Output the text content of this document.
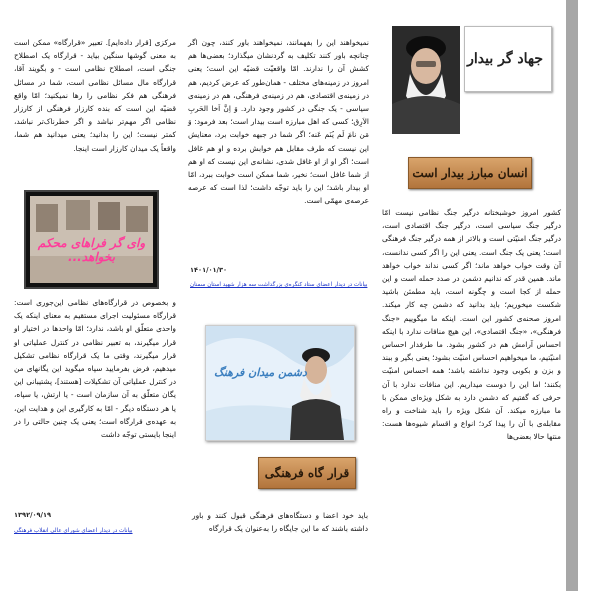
جهاد گر بیدار
انسان مبارز بیدار است

کشور امروز خوشبختانه درگیر جنگ نظامی نیست امّا درگیر جنگ سیاسی است، درگیر جنگ اقتصادی است، درگیر جنگ امنیّتی است و بالاتر از همه درگیر جنگ فرهنگی است؛ یعنی یک جنگ است. یعنی این را اگر کسی ندانست، آن وقت خواب خواهد ماند؛ اگر کسی نداند خواب خواهد ماند. همین قدر که ندانیم دشمن در صدد حمله است و این حمله از کجا است و چگونه است، باید مطمئن باشید شکست میخوریم؛ باید بدانید که دشمن چه کار میکند. امروز صحنه‌ی کشور این است. اینکه ما میگوییم «جنگ فرهنگی»، «جنگ اقتصادی»، این هیچ منافات ندارد با اینکه احساس آرامش هم در کشور بشود. ما طرفدار احساس امنیّتیم، ما میخواهیم احساس امنیّت بشود؛ یعنی بگیر و ببند و بزن و بکوبی وجود نداشته باشد؛ همه احساس امنیّت بکنند؛ اما این را دوست میداریم. این منافات ندارد با آن حرفی که گفتیم که دشمن دارد به شکل ویژه‌ای ممکن با ما مبارزه میکند. آن شکل ویژه را باید شناخت و راه مقابله‌ی با آن را پیدا کرد؛ انواع و اقسام شیوه‌ها هست: منتها حالا بعضی‌ها

نمیخواهند این را بفهمانند، نمیخواهند باور کنند، چون اگر چنانچه باور کنند تکلیف به گردنشان میگذارد؛ بعضی‌ها هم کشش آن را ندارند. امّا واقعیّت قضیّه این است؛ یعنی امروز در زمینه‌های مختلف - همان‌طور که عرض کردیم، هم در زمینه‌ی اقتصادی، هم در زمینه‌ی فرهنگی، هم در زمینه‌ی سیاسی - یک جنگی در کشور وجود دارد. وَ اِنَّ اَخا الحَربِ الاَرِق؛ کسی که اهل مبارزه است بیدار است؛ بعد فرمود: وَ مَن نامَ لَم یُنَم عَنه؛ اگر شما در جبهه خوابت برد، معنایش این نیست که طرف مقابل هم خوابش برده و او هم غافل است؛ اگر او از او غافل شدی، نشانه‌ی این نیست که او هم از شما غافل است؛ نخیر، شما ممکن است خوابت ببرد، امّا او بیدار باشد؛ این را باید توجّه داشت؛ لذا است که عرصه عرصه‌ی مهمّی است.

۱۴۰۱/۰۱/۳۰
بیانات در دیدار اعضای ستاد کنگره‌ی بزرگداشت سه هزار شهید استان سمنان
دشمن میدان فرهنگ
قرار گاه فرهنگی

باید خود اعضا و دستگاه‌های فرهنگی قبول کنند و باور داشته باشند که ما این جایگاه را به‌عنوان یک قرارگاه

مرکزی [قرار داده‌ایم]. تعبیر «قرارگاه» ممکن است به معنی گوشها سنگین بیاید - قرارگاه یک اصطلاح جنگی است، اصطلاح نظامی است - و بگویند آقا، قرارگاه مال مسائل نظامی است، شما در مسائل فرهنگی هم فکر نظامی را رها نمیکنید؛ امّا واقع قضیّه این است که بنده کارزار فرهنگی از کارزار نظامی اگر مهم‌تر نباشد و اگر خطرناک‌تر نباشد، کمتر نیست؛ این را بدانید؛ یعنی میدانید هم شما، واقعاً یک میدان کارزار است اینجا.

وای گر فراهای محکم بخواهد...

و بخصوص در قرارگاه‌های نظامی این‌جوری است: قرارگاه مسئولیت اجرای مستقیم به معنای اینکه یک واحدی متعلّق او باشد، ندارد؛ امّا واحدها در اختیار او قرار میگیرند، به تعبیر نظامی در کنترل عملیاتی او قرار میگیرند، وقتی ما یک قرارگاه نظامی تشکیل میدهیم، فرض بفرمایید سپاه میگوید این یگانهای من در کنترل عملیاتی آن تشکیلات [هستند]، پشتیبانی این یگان متعلّق به آن سازمان است - یا ارتش، یا سپاه، یا هر دستگاه دیگر - امّا به کارگیری این و هدایت این، به عهده‌ی قرارگاه است؛ یعنی یک چنین حالتی را در اینجا بایستی توجّه داشت

۱۳۹۲/۰۹/۱۹
بیانات در دیدار اعضای شورای عالی انقلاب فرهنگی
